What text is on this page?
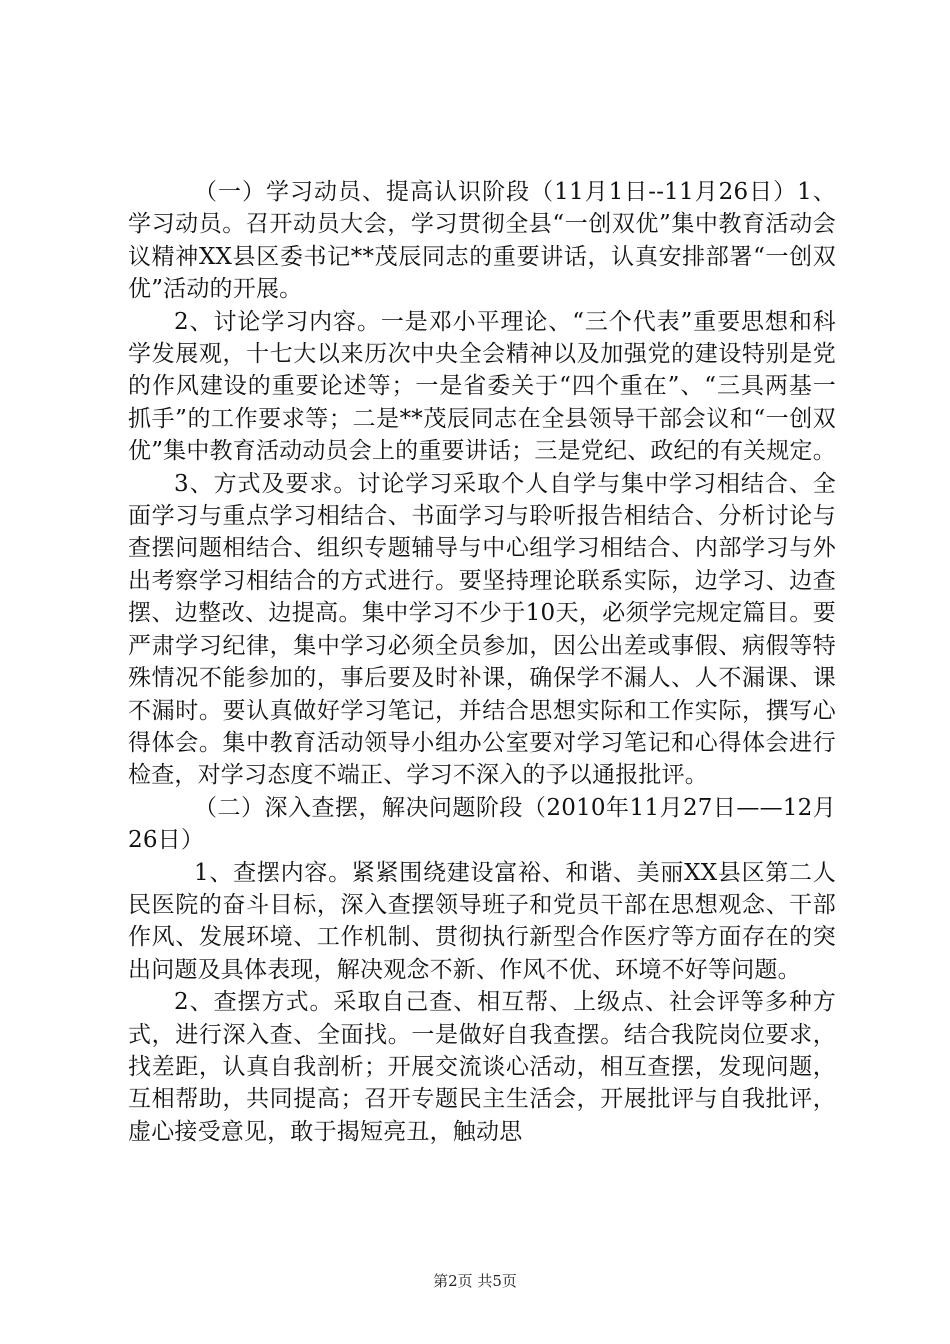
（一）学习动员、提高认识阶段（11月1日--11月26日）1、学习动员。召开动员大会，学习贯彻全县“一创双优”集中教育活动会议精神XX县区委书记**茂辰同志的重要讲话，认真安排部署“一创双优”活动的开展。

2、讨论学习内容。一是邓小平理论、“三个代表”重要思想和科学发展观，十七大以来历次中央全会精神以及加强党的建设特别是党的作风建设的重要论述等；一是省委关于“四个重在”、“三具两基一抓手”的工作要求等；二是**茂辰同志在全县领导干部会议和“一创双优”集中教育活动动员会上的重要讲话；三是党纪、政纪的有关规定。

3、方式及要求。讨论学习采取个人自学与集中学习相结合、全面学习与重点学习相结合、书面学习与聆听报告相结合、分析讨论与查摆问题相结合、组织专题辅导与中心组学习相结合、内部学习与外出考察学习相结合的方式进行。要坚持理论联系实际，边学习、边查摆、边整改、边提高。集中学习不少于10天，必须学完规定篇目。要严肃学习纪律，集中学习必须全员参加，因公出差或事假、病假等特殊情况不能参加的，事后要及时补课，确保学不漏人、人不漏课、课不漏时。要认真做好学习笔记，并结合思想实际和工作实际，撰写心得体会。集中教育活动领导小组办公室要对学习笔记和心得体会进行检查，对学习态度不端正、学习不深入的予以通报批评。

（二）深入查摆，解决问题阶段（2010年11月27日——12月26日）

1、查摆内容。紧紧围绕建设富裕、和谐、美丽XX县区第二人民医院的奋斗目标，深入查摆领导班子和党员干部在思想观念、干部作风、发展环境、工作机制、贯彻执行新型合作医疗等方面存在的突出问题及具体表现，解决观念不新、作风不优、环境不好等问题。

2、查摆方式。采取自己查、相互帮、上级点、社会评等多种方式，进行深入查、全面找。一是做好自我查摆。结合我院岗位要求，找差距，认真自我剖析；开展交流谈心活动，相互查摆，发现问题，互相帮助，共同提高；召开专题民主生活会，开展批评与自我批评，虚心接受意见，敢于揭短亮丑，触动思

第2页 共5页
